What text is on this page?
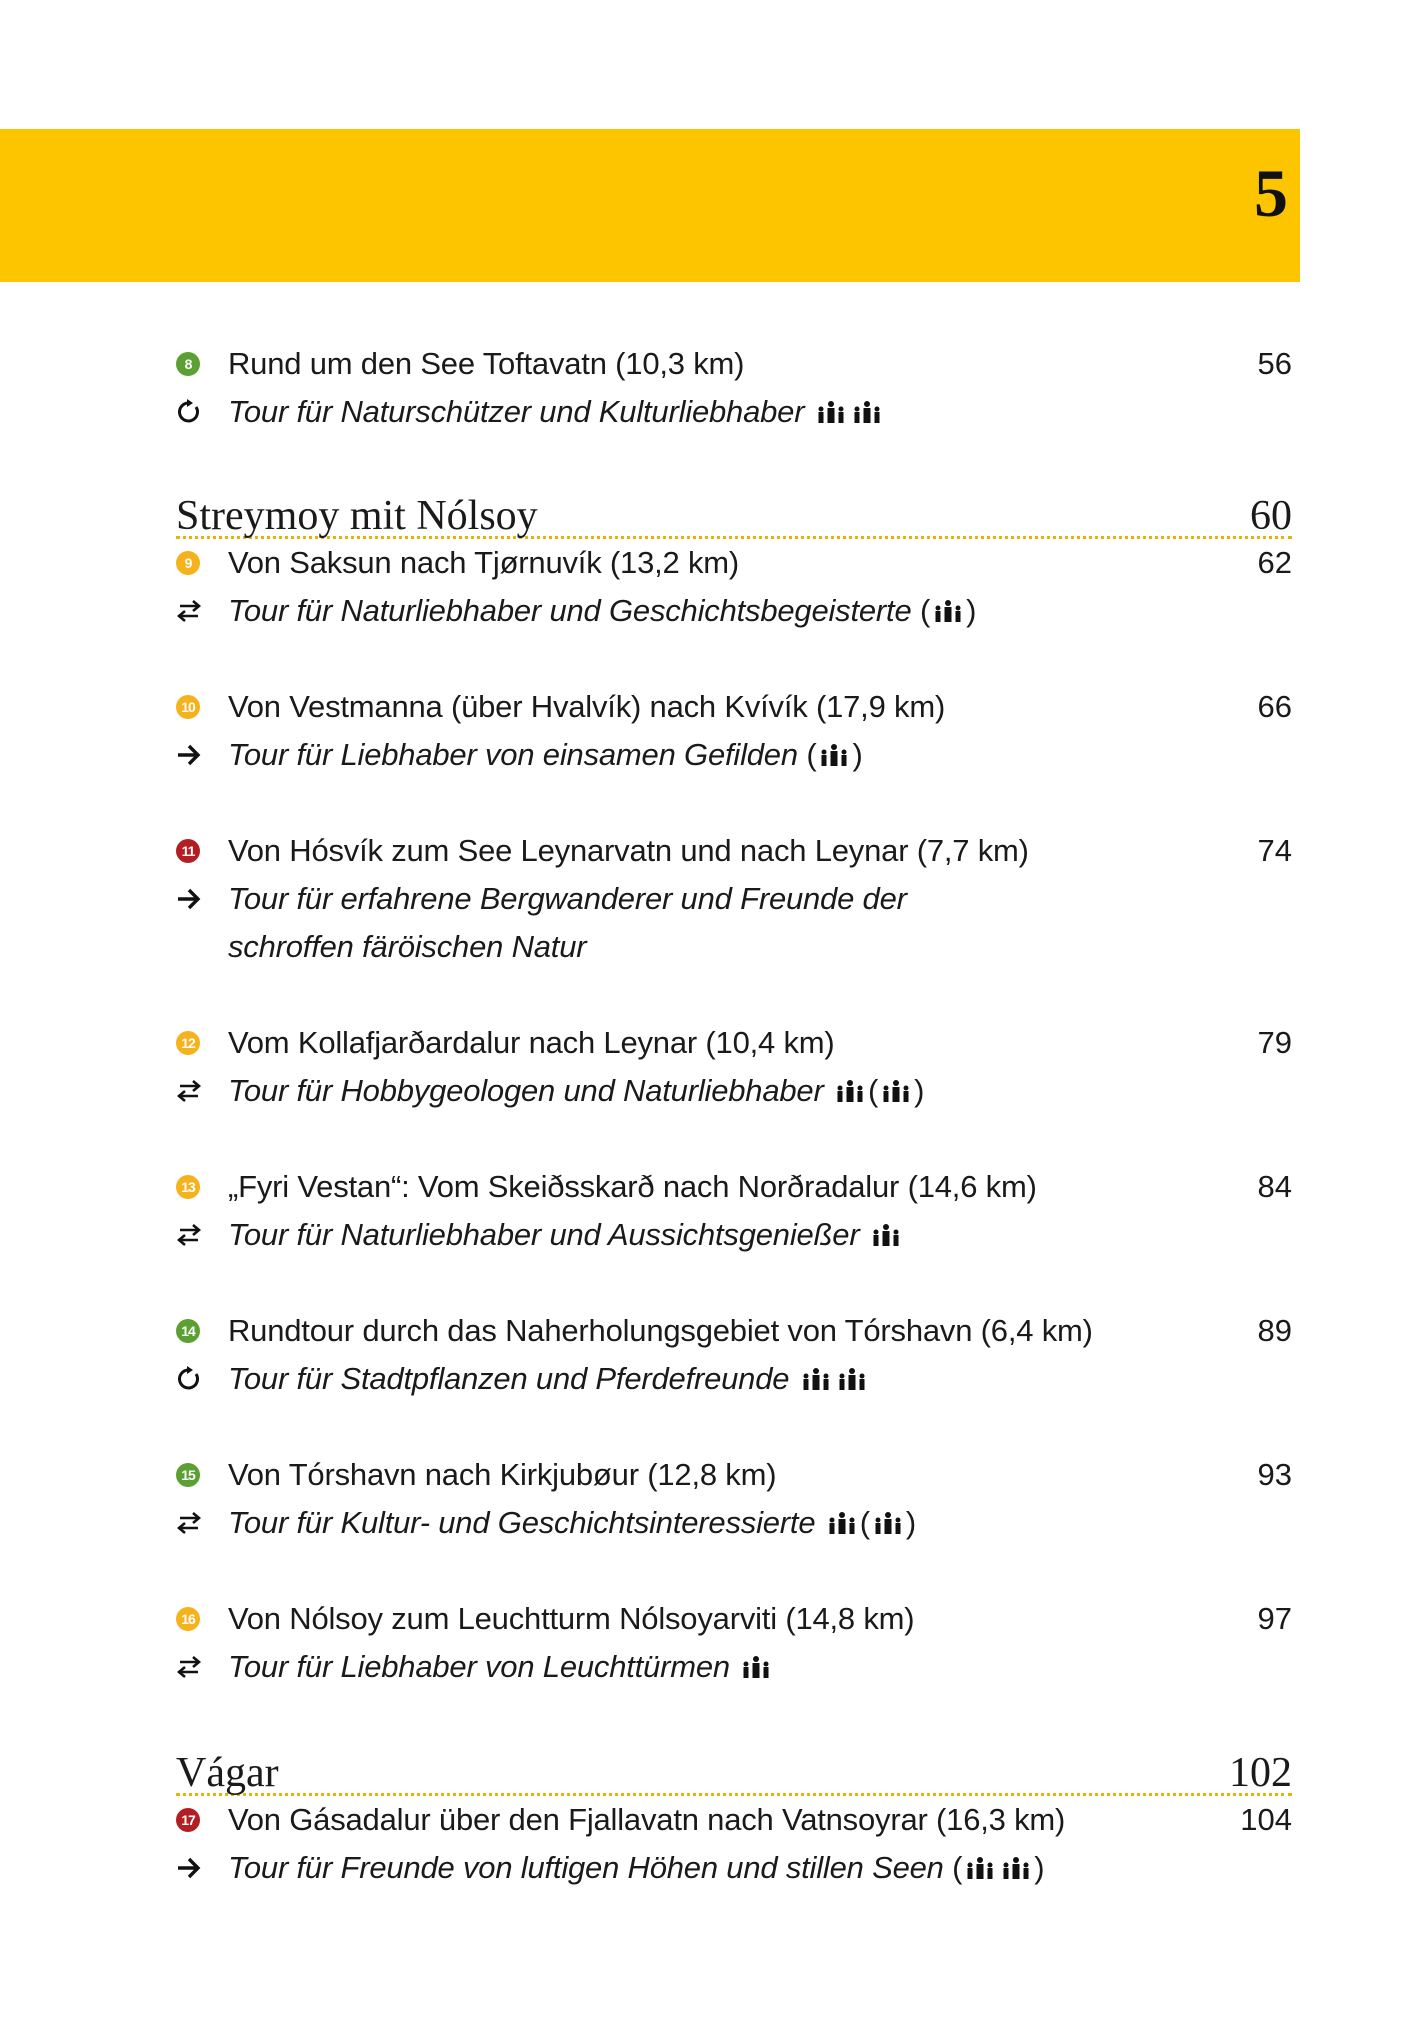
5
8 Rund um den See Toftavatn (10,3 km)	56
Tour für Naturschützer und Kulturliebhaber
Streymoy mit Nólsoy	60
9 Von Saksun nach Tjørnuvík (13,2 km)	62
Tour für Naturliebhaber und Geschichtsbegeisterte ( )
10 Von Vestmanna (über Hvalvík) nach Kvívík (17,9 km)	66
Tour für Liebhaber von einsamen Gefilden ( )
11 Von Hósvík zum See Leynarvatn und nach Leynar (7,7 km)	74
Tour für erfahrene Bergwanderer und Freunde der
schroffen färöischen Natur
12 Vom Kollafjarðardalur nach Leynar (10,4 km)	79
Tour für Hobbygeologen und Naturliebhaber ( )
13 „Fyri Vestan“: Vom Skeiðsskarð nach Norðradalur (14,6 km)	84
Tour für Naturliebhaber und Aussichtsgenießer
14 Rundtour durch das Naherholungsgebiet von Tórshavn (6,4 km)	89
Tour für Stadtpflanzen und Pferdefreunde
15 Von Tórshavn nach Kirkjubøur (12,8 km)	93
Tour für Kultur- und Geschichtsinteressierte ( )
16 Von Nólsoy zum Leuchtturm Nólsoyarviti (14,8 km)	97
Tour für Liebhaber von Leuchttürmen
Vágar	102
17 Von Gásadalur über den Fjallavatn nach Vatnsoyrar (16,3 km)	104
Tour für Freunde von luftigen Höhen und stillen Seen ( )
